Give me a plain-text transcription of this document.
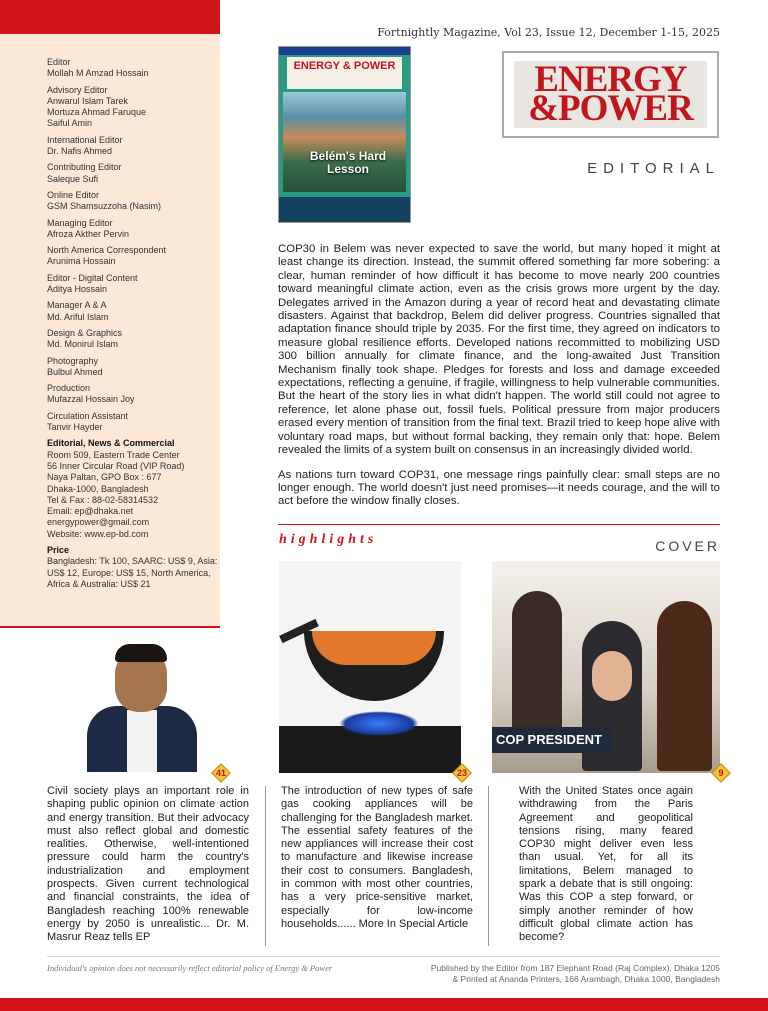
Fortnightly Magazine, Vol 23, Issue 12, December 1-15, 2025
Editor
Mollah M Amzad Hossain
Advisory Editor
Anwarul Islam Tarek
Mortuza Ahmad Faruque
Saiful Amin
International Editor
Dr. Nafis Ahmed
Contributing Editor
Saleque Sufi
Online Editor
GSM Shamsuzzoha (Nasim)
Managing Editor
Afroza Akther Pervin
North America Correspondent
Arunima Hossain
Editor - Digital Content
Aditya Hossain
Manager A & A
Md. Ariful Islam
Design & Graphics
Md. Monirul Islam
Photography
Bulbul Ahmed
Production
Mufazzal Hossain Joy
Circulation Assistant
Tanvir Hayder
Editorial, News & Commercial
Room 509, Eastern Trade Center
56 Inner Circular Road (VIP Road)
Naya Paltan, GPO Box : 677
Dhaka-1000, Bangladesh
Tel & Fax : 88-02-58314532
Email: ep@dhaka.net
energypower@gmail.com
Website: www.ep-bd.com
Price
Bangladesh: Tk 100, SAARC: US$ 9, Asia: US$ 12, Europe: US$ 15, North America, Africa & Australia: US$ 21
ENERGY & POWER
Belém's Hard Lesson
ENERGY
&POWER
EDITORIAL

COP30 in Belem was never expected to save the world, but many hoped it might at least change its direction. Instead, the summit offered something far more sobering: a clear, human reminder of how difficult it has become to move nearly 200 countries toward meaningful climate action, even as the crisis grows more urgent by the day. Delegates arrived in the Amazon during a year of record heat and devastating climate disasters. Against that backdrop, Belem did deliver progress. Countries signalled that adaptation finance should triple by 2035. For the first time, they agreed on indicators to measure global resilience efforts. Developed nations recommitted to mobilizing USD 300 billion annually for climate finance, and the long-awaited Just Transition Mechanism finally took shape. Pledges for forests and loss and damage exceeded expectations, reflecting a genuine, if fragile, willingness to help vulnerable communities. But the heart of the story lies in what didn't happen. The world still could not agree to reference, let alone phase out, fossil fuels. Political pressure from major producers erased every mention of transition from the final text. Brazil tried to keep hope alive with voluntary road maps, but without formal backing, they remain only that: hope. Belem revealed the limits of a system built on consensus in an increasingly divided world.

As nations turn toward COP31, one message rings painfully clear: small steps are no longer enough. The world doesn't just need promises—it needs courage, and the will to act before the window finally closes.

highlights	COVER
COP PRESIDENT
41	23	9
Civil society plays an important role in shaping public opinion on climate action and energy transition. But their advocacy must also reflect global and domestic realities. Otherwise, well-intentioned pressure could harm the country's industrialization and employment prospects. Given current technological and financial constraints, the idea of Bangladesh reaching 100% renewable energy by 2050 is unrealistic... Dr. M. Masrur Reaz tells EP
The introduction of new types of safe gas cooking appliances will be challenging for the Bangladesh market. The essential safety features of the new appliances will increase their cost to manufacture and likewise increase their cost to consumers. Bangladesh, in common with most other countries, has a very price-sensitive market, especially for low-income households...... More In Special Article
With the United States once again withdrawing from the Paris Agreement and geopolitical tensions rising, many feared COP30 might deliver even less than usual. Yet, for all its limitations, Belem managed to spark a debate that is still ongoing: Was this COP a step forward, or simply another reminder of how difficult global climate action has become?
Individual's opinion does not necessarily reflect editorial policy of Energy & Power	Published by the Editor from 187 Elephant Road (Raj Complex), Dhaka 1205
& Printed at Ananda Printers, 166 Arambagh, Dhaka 1000, Bangladesh
